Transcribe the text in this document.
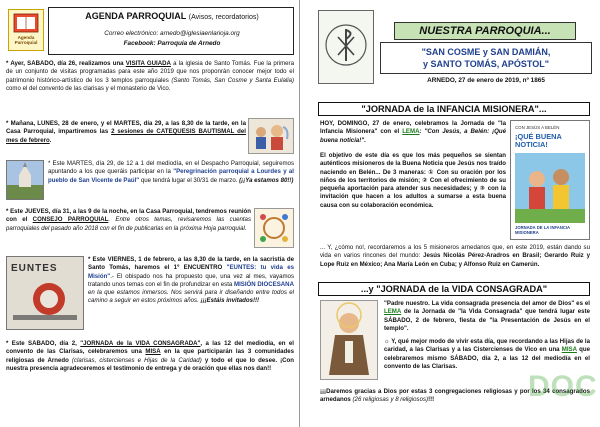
Agenda Parroquial
AGENDA PARROQUIAL (Avisos, recordatorios)
Correo electrónico: arnedo@iglesiaenlarioja.org
Facebook: Parroquia de Arnedo
* Ayer, SÁBADO, día 26, realizamos una VISITA GUIADA a la iglesia de Santo Tomás. Fue la primera de un conjunto de visitas programadas para este año 2019 que nos proponrán conocer mejor todo el patrimonio histórico-artístico de los 3 templos parroquiales (Santo Tomás, San Cosme y Santa Eulalia) como el del convento de las clarisas y el monasterio de Vico.
* Mañana, LUNES, 28 de enero, y el MARTES, día 29, a las 8,30 de la tarde, en la Casa Parroquial, impartiremos las 2 sesiones de CATEQUESIS BAUTISMAL del mes de febrero.
* Este MARTES, día 29, de 12 a 1 del mediodía, en el Despacho Parroquial, seguiremos apuntando a los que queráis participar en la "Peregrinación parroquial a Lourdes y al pueblo de San Vicente de Paúl" que tendrá lugar el 30/31 de marzo. (¡¡Ya estamos 80!!)
* Este JUEVES, día 31, a las 9 de la noche, en la Casa Parroquial, tendremos reunión con el CONSEJO PARROQUIAL. Entre otros temas, revisaremos las cuentas parroquiales del pasado año 2018 con el fin de publicarlas en la próxima Hoja parroquial.
EUNTES
* Este VIERNES, 1 de febrero, a las 8,30 de la tarde, en la sacristía de Santo Tomás, haremos el 1º ENCUENTRO "EUNTES: tu vida es Misión".- El obispado nos ha propuesto que, una vez al mes, vayamos tratando unos temas con el fin de profundizar en esta MISIÓN DIOCESANA en la que estamos inmersos. Nos servirá para ir diseñando entre todos el camino a seguir en estos próximos años. ¡¡¡Estáis invitados!!!
* Este SÁBADO, día 2, "JORNADA de la VIDA CONSAGRADA", a las 12 del mediodía, en el convento de las Clarisas, celebraremos una MISA en la que participarán las 3 comunidades religiosas de Arnedo (clarisas, cistercienses e Hijas de la Caridad) y todo el que lo desee. ¡Con nuestra presencia agradeceremos el testimonio de entrega y de oración que ellas nos dan!!
NUESTRA PARROQUIA...
"SAN COSME y SAN DAMIÁN,
y SANTO TOMÁS, APÓSTOL"
ARNEDO, 27 de enero de 2019, nº 1865
"JORNADA de la INFANCIA MISIONERA"...
HOY, DOMINGO, 27 de enero, celebramos la Jornada de "la Infancia Misionera" con el LEMA: "Con Jesús, a Belén: ¡Qué buena noticia!".
El objetivo de este día es que los más pequeños se sientan auténticos misioneros de la Buena Noticia que Jesús nos traído naciendo en Belén... De 3 maneras: ① Con su oración por los niños de los territorios de misión; ② Con el ofrecimiento de su pequeña aportación para atender sus necesidades; y ③ con la invitación que hacen a los adultos a sumarse a esta buena causa con su colaboración económica.
CON JESÚS A BELÉN
¡QUÉ BUENA NOTICIA!
JORNADA DE LA INFANCIA MISIONERA
... Y, ¿cómo no!, recordaremos a los 5 misioneros arnedanos que, en este 2019, están dando su vida en varios rincones del mundo: Jesús Nicolás Pérez-Aradros en Brasil; Gerardo Ruiz y Lope Ruiz en México; Ana María León en Cuba; y Alfonso Ruiz en Camerún.
...y "JORNADA de la VIDA CONSAGRADA"
"Padre nuestro. La vida consagrada presencia del amor de Dios" es el LEMA de la Jornada de "la Vida Consagrada" que tendrá lugar este SÁBADO, 2 de febrero, fiesta de "la Presentación de Jesús en el templo".
☼ Y, qué mejor modo de vivir esta día, que recordando a las Hijas de la caridad, a las Clarisas y a las Cistercienses de Vico en una MISA que celebraremos mismo SÁBADO, día 2, a las 12 del mediodía en el convento de las Clarisas.
¡¡¡Daremos gracias a Dios por estas 3 congregaciones religiosas y por los 34 consagrados arnedanos (26 religiosas y 8 religiosos)!!!	DOC
